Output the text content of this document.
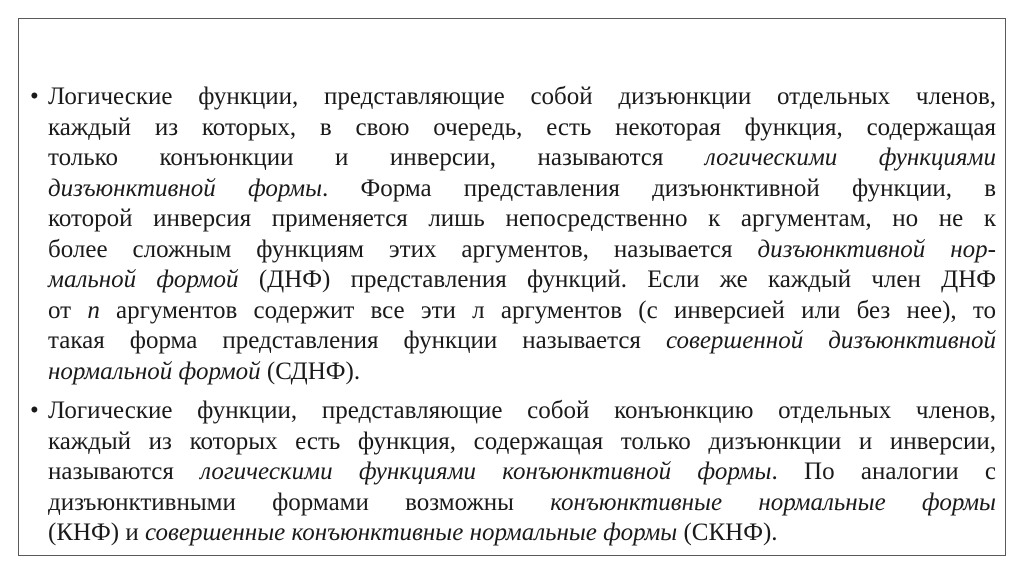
• Логические функции, представляющие собой дизъюнкции отдельных членов,
каждый из которых, в свою очередь, есть некоторая функция, содержащая
только конъюнкции и инверсии, называются логическими функциями
дизъюнктивной формы. Форма представления дизъюнктивной функции, в
которой инверсия применяется лишь непосредственно к аргументам, но не к
более сложным функциям этих аргументов, называется дизъюнктивной нор-
мальной формой (ДНФ) представления функций. Если же каждый член ДНФ
от n аргументов содержит все эти л аргументов (с инверсией или без нее), то
такая форма представления функции называется совершенной дизъюнктивной
нормальной формой (СДНФ).
• Логические функции, представляющие собой конъюнкцию отдельных членов,
каждый из которых есть функция, содержащая только дизъюнкции и инверсии,
называются логическими функциями конъюнктивной формы. По аналогии с
дизъюнктивными формами возможны конъюнктивные нормальные формы
(КНФ) и совершенные конъюнктивные нормальные формы (СКНФ).
